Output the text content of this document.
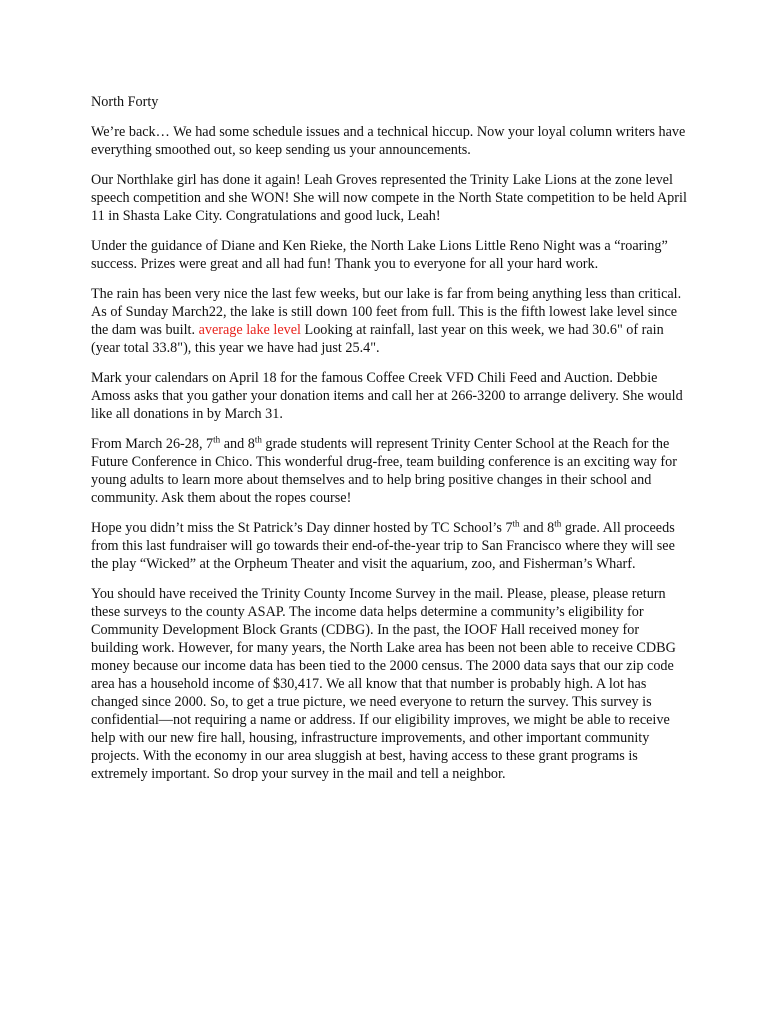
North Forty

We’re back… We had some schedule issues and a technical hiccup. Now your loyal column writers have everything smoothed out, so keep sending us your announcements.

Our Northlake girl has done it again! Leah Groves represented the Trinity Lake Lions at the zone level speech competition and she WON! She will now compete in the North State competition to be held April 11 in Shasta Lake City. Congratulations and good luck, Leah!

Under the guidance of Diane and Ken Rieke, the North Lake Lions Little Reno Night was a “roaring” success. Prizes were great and all had fun! Thank you to everyone for all your hard work.

The rain has been very nice the last few weeks, but our lake is far from being anything less than critical. As of Sunday March22, the lake is still down 100 feet from full. This is the fifth lowest lake level since the dam was built. average lake level Looking at rainfall, last year on this week, we had 30.6" of rain (year total 33.8"), this year we have had just 25.4".

Mark your calendars on April 18 for the famous Coffee Creek VFD Chili Feed and Auction. Debbie Amoss asks that you gather your donation items and call her at 266-3200 to arrange delivery. She would like all donations in by March 31.

From March 26-28, 7th and 8th grade students will represent Trinity Center School at the Reach for the Future Conference in Chico. This wonderful drug-free, team building conference is an exciting way for young adults to learn more about themselves and to help bring positive changes in their school and community. Ask them about the ropes course!

Hope you didn’t miss the St Patrick’s Day dinner hosted by TC School’s 7th and 8th grade. All proceeds from this last fundraiser will go towards their end-of-the-year trip to San Francisco where they will see the play “Wicked” at the Orpheum Theater and visit the aquarium, zoo, and Fisherman’s Wharf.

You should have received the Trinity County Income Survey in the mail. Please, please, please return these surveys to the county ASAP. The income data helps determine a community’s eligibility for Community Development Block Grants (CDBG). In the past, the IOOF Hall received money for building work. However, for many years, the North Lake area has been not been able to receive CDBG money because our income data has been tied to the 2000 census. The 2000 data says that our zip code area has a household income of $30,417. We all know that that number is probably high. A lot has changed since 2000. So, to get a true picture, we need everyone to return the survey. This survey is confidential—not requiring a name or address. If our eligibility improves, we might be able to receive help with our new fire hall, housing, infrastructure improvements, and other important community projects. With the economy in our area sluggish at best, having access to these grant programs is extremely important. So drop your survey in the mail and tell a neighbor.
